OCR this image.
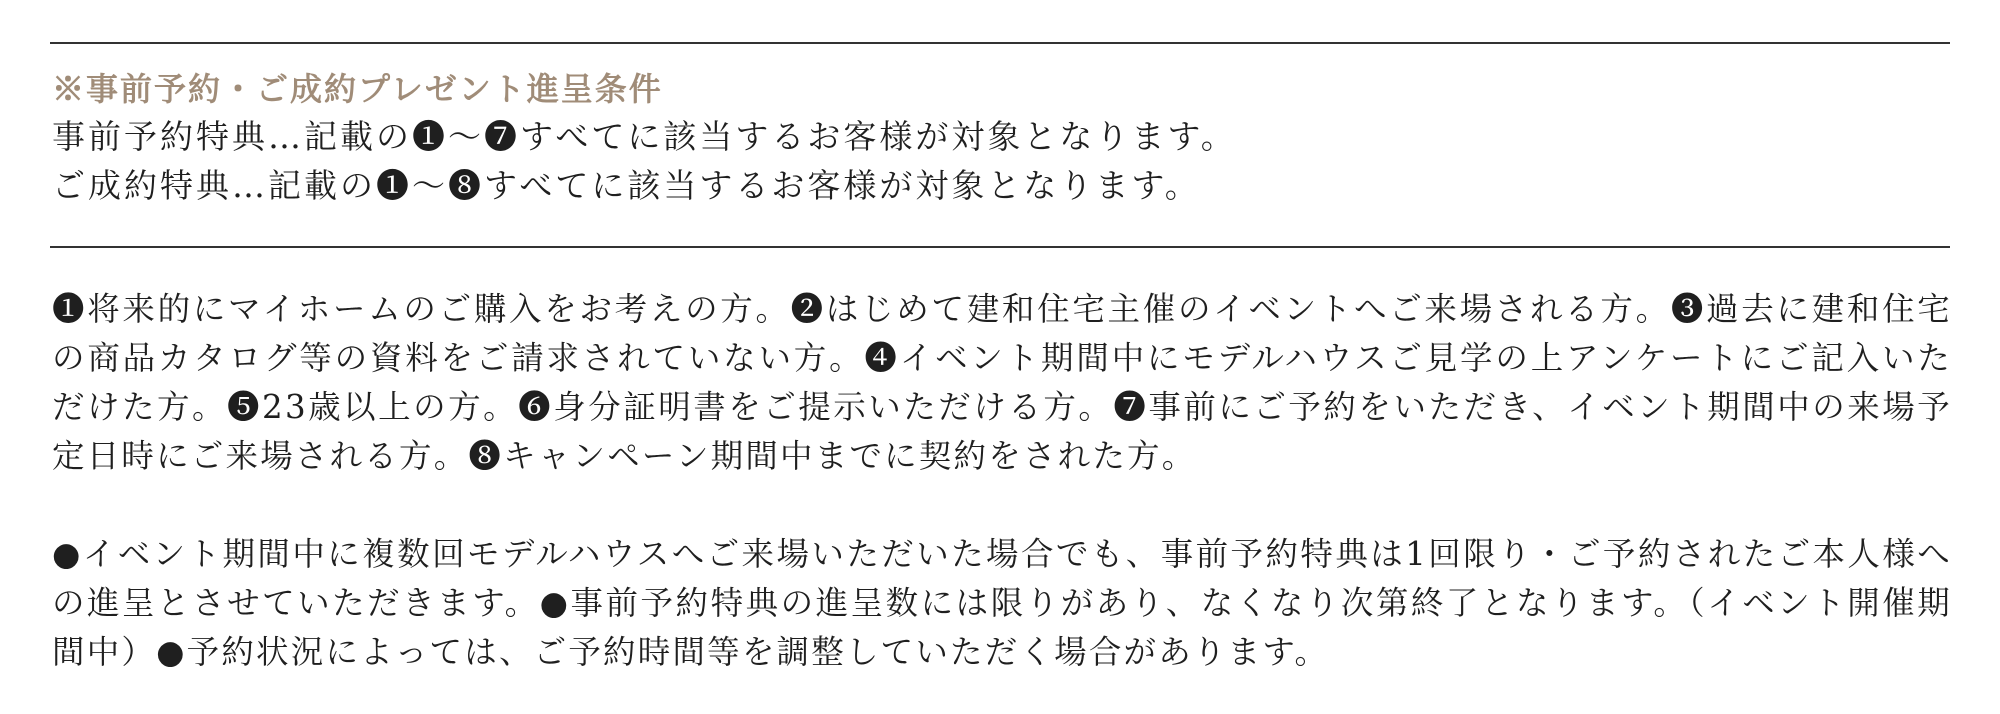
※事前予約・ご成約プレゼント進呈条件
事前予約特典…記載の❶〜❼すべてに該当するお客様が対象となります。
ご成約特典…記載の❶〜❽すべてに該当するお客様が対象となります。

❶将来的にマイホームのご購入をお考えの方。❷はじめて建和住宅主催のイベントへご来場される方。❸過去に建和住宅の商品カタログ等の資料をご請求されていない方。❹イベント期間中にモデルハウスご見学の上アンケートにご記入いただけた方。❺23歳以上の方。❻身分証明書をご提示いただける方。❼事前にご予約をいただき、イベント期間中の来場予定日時にご来場される方。❽キャンペーン期間中までに契約をされた方。

●イベント期間中に複数回モデルハウスへご来場いただいた場合でも、事前予約特典は1回限り・ご予約されたご本人様への進呈とさせていただきます。●事前予約特典の進呈数には限りがあり、なくなり次第終了となります。（イベント開催期間中）●予約状況によっては、ご予約時間等を調整していただく場合があります。
